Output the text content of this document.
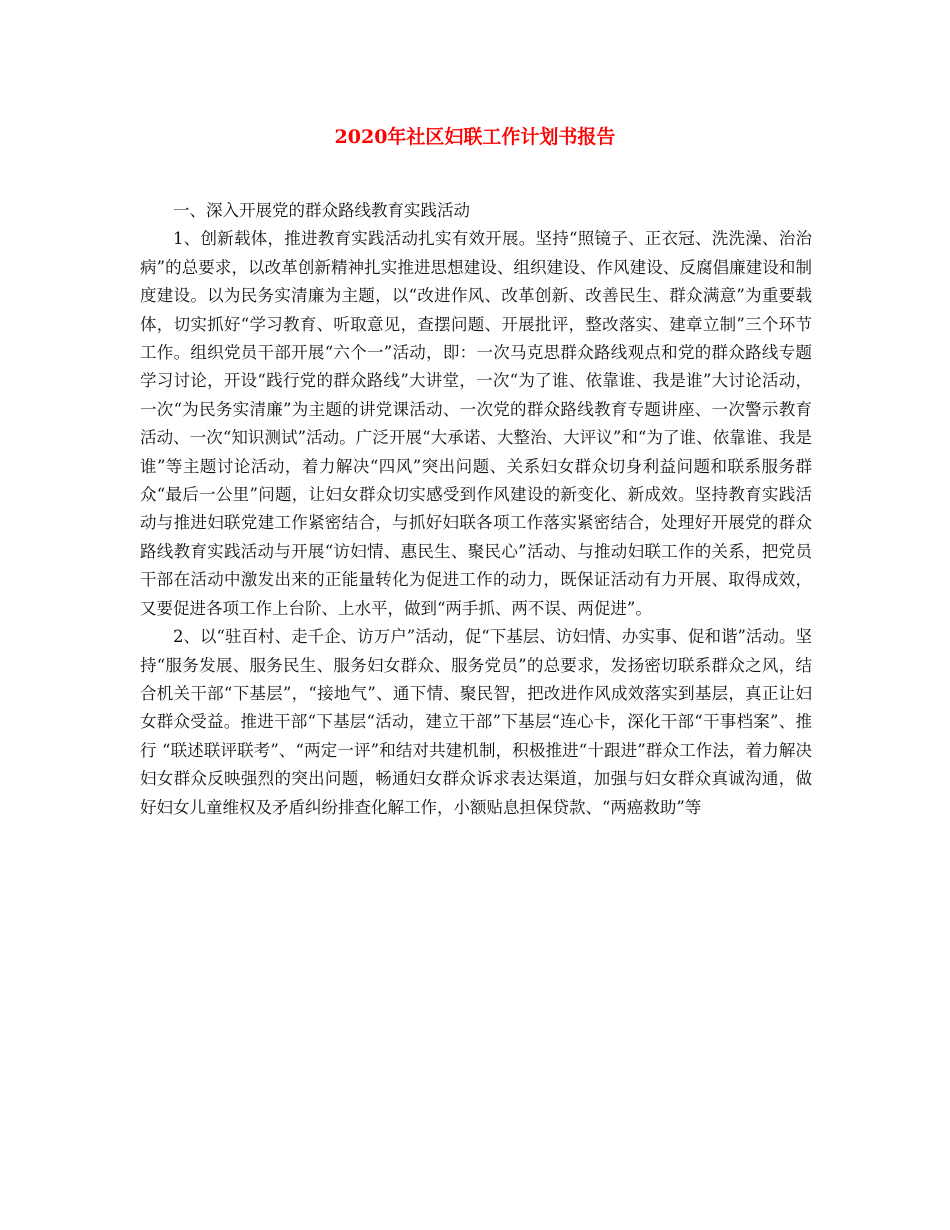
2020年社区妇联工作计划书报告

一、深入开展党的群众路线教育实践活动

1、创新载体，推进教育实践活动扎实有效开展。坚持“照镜子、正衣冠、洗洗澡、治治病”的总要求，以改革创新精神扎实推进思想建设、组织建设、作风建设、反腐倡廉建设和制度建设。以为民务实清廉为主题，以“改进作风、改革创新、改善民生、群众满意”为重要载体，切实抓好“学习教育、听取意见，查摆问题、开展批评，整改落实、建章立制”三个环节工作。组织党员干部开展“六个一”活动，即：一次马克思群众路线观点和党的群众路线专题学习讨论，开设“践行党的群众路线”大讲堂，一次“为了谁、依靠谁、我是谁”大讨论活动，一次“为民务实清廉”为主题的讲党课活动、一次党的群众路线教育专题讲座、一次警示教育活动、一次“知识测试”活动。广泛开展“大承诺、大整治、大评议”和“为了谁、依靠谁、我是谁”等主题讨论活动，着力解决“四风”突出问题、关系妇女群众切身利益问题和联系服务群众“最后一公里”问题，让妇女群众切实感受到作风建设的新变化、新成效。坚持教育实践活动与推进妇联党建工作紧密结合，与抓好妇联各项工作落实紧密结合，处理好开展党的群众路线教育实践活动与开展“访妇情、惠民生、聚民心”活动、与推动妇联工作的关系，把党员干部在活动中激发出来的正能量转化为促进工作的动力，既保证活动有力开展、取得成效，又要促进各项工作上台阶、上水平，做到“两手抓、两不误、两促进”。

2、以“驻百村、走千企、访万户”活动，促“下基层、访妇情、办实事、促和谐”活动。坚持“服务发展、服务民生、服务妇女群众、服务党员”的总要求，发扬密切联系群众之风，结合机关干部“下基层”，“接地气”、通下情、聚民智，把改进作风成效落实到基层，真正让妇女群众受益。推进干部“下基层“活动，建立干部”下基层“连心卡，深化干部“干事档案”、推行 “联述联评联考”、“两定一评”和结对共建机制，积极推进“十跟进”群众工作法，着力解决妇女群众反映强烈的突出问题，畅通妇女群众诉求表达渠道，加强与妇女群众真诚沟通，做好妇女儿童维权及矛盾纠纷排查化解工作，小额贴息担保贷款、“两癌救助”等
